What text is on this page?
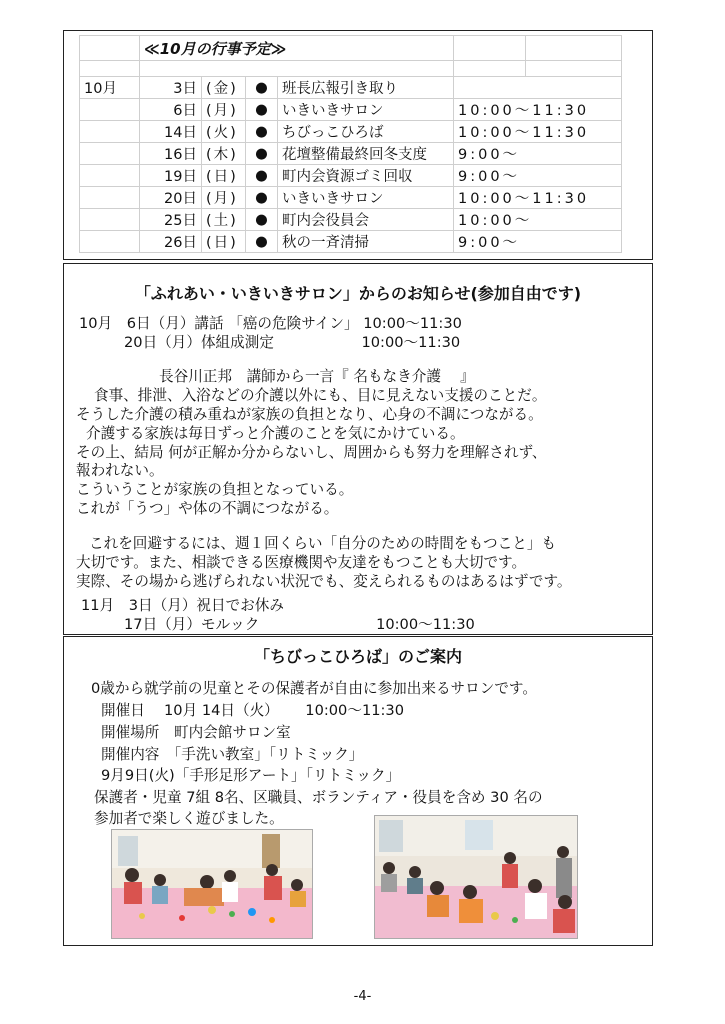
	≪10月の行事予定≫					

10月	3日	(金)	●	班長広報引き取り		
	6日	(月)	●	いきいきサロン	10:00～11:30	
	14日	(火)	●	ちびっこひろば	10:00～11:30	
	16日	(木)	●	花壇整備最終回冬支度	9:00～	
	19日	(日)	●	町内会資源ゴミ回収	9:00～	
	20日	(月)	●	いきいきサロン	10:00～11:30	
	25日	(土)	●	町内会役員会	10:00～	
	26日	(日)	●	秋の一斉清掃	9:00～	
「ふれあい・いきいきサロン」からのお知らせ(参加自由です)
10月　6日（月）講話 「癌の危険サイン」 10:00～11:30
20日（月）体組成測定　　　　　　10:00～11:30
長谷川正邦　講師から一言『 名もなき介護　 』
食事、排泄、入浴などの介護以外にも、目に見えない支援のことだ。
そうした介護の積み重ねが家族の負担となり、心身の不調につながる。
介護する家族は毎日ずっと介護のことを気にかけている。
その上、結局 何が正解か分からないし、周囲からも努力を理解されず、
報われない。
こういうことが家族の負担となっている。
これが「うつ」や体の不調につながる。
これを回避するには、週１回くらい「自分のための時間をもつこと」も
大切です。また、相談できる医療機関や友達をもつことも大切です。
実際、その場から逃げられない状況でも、変えられるものはあるはずです。
11月　3日（月）祝日でお休み
17日（月）モルック　　　　　　　　10:00～11:30
「ちびっこひろば」のご案内
0歳から就学前の児童とその保護者が自由に参加出来るサロンです。
開催日　 10月 14日（火）　　 10:00～11:30
開催場所　町内会館サロン室
開催内容　「手洗い教室」「リトミック」
9月9日(火)「手形足形アート」「リトミック」
保護者・児童 7組 8名、区職員、ボランティア・役員を含め 30 名の
参加者で楽しく遊びました。
-4-
